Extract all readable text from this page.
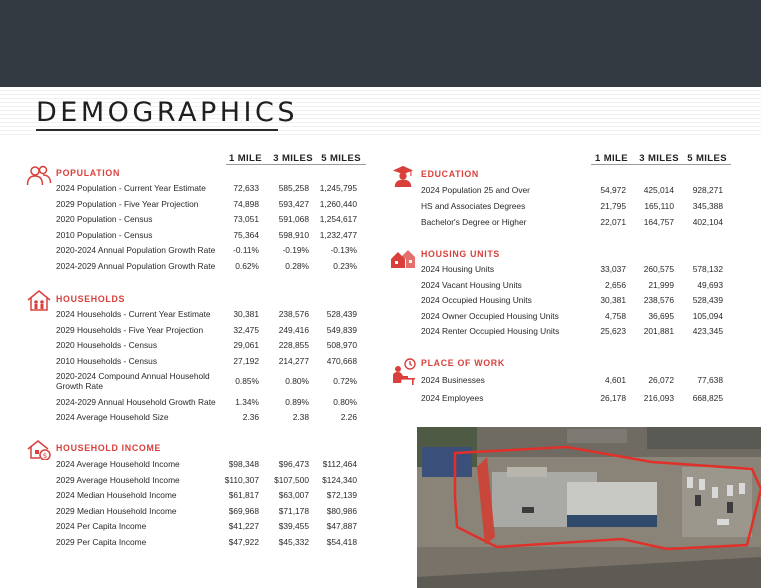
DEMOGRAPHICS
1 MILE	3 MILES 5 MILES	1 MILE	3 MILES 5 MILES
POPULATION
2024 Population - Current Year Estimate	72,633	585,258	1,245,795
2029 Population - Five Year Projection	74,898	593,427	1,260,440
2020 Population - Census	73,051	591,068	1,254,617
2010 Population - Census	75,364	598,910	1,232,477
2020-2024 Annual Population Growth Rate	-0.11%	-0.19%	-0.13%
2024-2029 Annual Population Growth Rate	0.62%	0.28%	0.23%
HOUSEHOLDS
2024 Households - Current Year Estimate	30,381	238,576	528,439
2029 Households - Five Year Projection	32,475	249,416	549,839
2020 Households - Census	29,061	228,855	508,970
2010 Households - Census	27,192	214,277	470,668
2020-2024 Compound Annual Household
Growth Rate	0.85%	0.80%	0.72%
2024-2029 Annual Household Growth Rate	1.34%	0.89%	0.80%
2024 Average Household Size	2.36	2.38	2.26
$
HOUSEHOLD INCOME
2024 Average Household Income	$98,348	$96,473	$112,464
2029 Average Household Income	$110,307	$107,500	$124,340
2024 Median Household Income	$61,817	$63,007	$72,139
2029 Median Household Income	$69,968	$71,178	$80,986
2024 Per Capita Income	$41,227	$39,455	$47,887
2029 Per Capita Income	$47,922	$45,332	$54,418
EDUCATION
2024 Population 25 and Over	54,972	425,014	928,271
HS and Associates Degrees	21,795	165,110	345,388
Bachelor's Degree or Higher	22,071	164,757	402,104
HOUSING UNITS
2024 Housing Units	33,037	260,575	578,132
2024 Vacant Housing Units	2,656	21,999	49,693
2024 Occupied Housing Units	30,381	238,576	528,439
2024 Owner Occupied Housing Units	4,758	36,695	105,094
2024 Renter Occupied Housing Units	25,623	201,881	423,345
PLACE OF WORK
2024 Businesses	4,601	26,072	77,638
2024 Employees	26,178	216,093	668,825
